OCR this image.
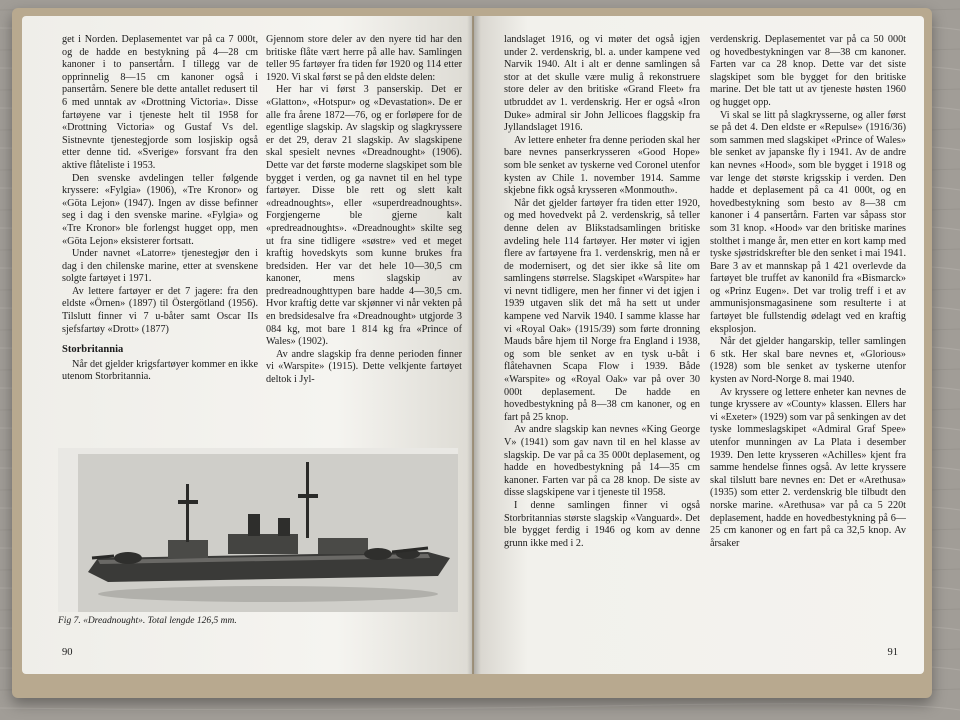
get i Norden. Deplasementet var på ca 7 000t, og de hadde en bestykning på 4—28 cm kanoner i to pansertårn. I tillegg var de opprinnelig 8—15 cm kanoner også i pansertårn. Senere ble dette antallet redusert til 6 med unntak av «Drottning Victoria». Disse fartøyene var i tjeneste helt til 1958 for «Drottning Victoria» og Gustaf Vs del. Sistnevnte tjenestegjorde som losjiskip også etter denne tid. «Sverige» forsvant fra den aktive flåteliste i 1953.

Den svenske avdelingen teller følgende kryssere: «Fylgia» (1906), «Tre Kronor» og «Göta Lejon» (1947). Ingen av disse befinner seg i dag i den svenske marine. «Fylgia» og «Tre Kronor» ble forlengst hugget opp, men «Göta Lejon» eksisterer fortsatt.

Under navnet «Latorre» tjenestegjør den i dag i den chilenske marine, etter at svenskene solgte fartøyet i 1971.

Av lettere fartøyer er det 7 jagere: fra den eldste «Örnen» (1897) til Östergötland (1956). Tilslutt finner vi 7 u-båter samt Oscar IIs sjefsfartøy «Drott» (1877)

Storbritannia

Når det gjelder krigsfartøyer kommer en ikke utenom Storbritannia.

Gjennom store deler av den nyere tid har den britiske flåte vært herre på alle hav. Samlingen teller 95 fartøyer fra tiden før 1920 og 114 etter 1920. Vi skal først se på den eldste delen:

Her har vi først 3 panserskip. Det er «Glatton», «Hotspur» og «Devastation». De er alle fra årene 1872—76, og er forløpere for de egentlige slagskip. Av slagskip og slagkryssere er det 29, derav 21 slagskip. Av slagskipene skal spesielt nevnes «Dreadnought» (1906). Dette var det første moderne slagskipet som ble bygget i verden, og ga navnet til en hel type fartøyer. Disse ble rett og slett kalt «dreadnoughts», eller «superdreadnoughts». Forgjengerne ble gjerne kalt «predreadnoughts». «Dreadnought» skilte seg ut fra sine tidligere «søstre» ved et meget kraftig hovedskyts som kunne brukes fra bredsiden. Her var det hele 10—30,5 cm kanoner, mens slagskip av predreadnoughttypen bare hadde 4—30,5 cm. Hvor kraftig dette var skjønner vi når vekten på en bredsidesalve fra «Dreadnought» utgjorde 3 084 kg, mot bare 1 814 kg fra «Prince of Wales» (1902).

Av andre slagskip fra denne perioden finner vi «Warspite» (1915). Dette velkjente fartøyet deltok i Jyl-

Fig 7. «Dreadnought». Total lengde 126,5 mm.
90

landslaget 1916, og vi møter det også igjen under 2. verdenskrig, bl. a. under kampene ved Narvik 1940. Alt i alt er denne samlingen så stor at det skulle være mulig å rekonstruere store deler av den britiske «Grand Fleet» fra utbruddet av 1. verdenskrig. Her er også «Iron Duke» admiral sir John Jellicoes flaggskip fra Jyllandslaget 1916.

Av lettere enheter fra denne perioden skal her bare nevnes panserkrysseren «Good Hope» som ble senket av tyskerne ved Coronel utenfor kysten av Chile 1. november 1914. Samme skjebne fikk også krysseren «Monmouth».

Når det gjelder fartøyer fra tiden etter 1920, og med hovedvekt på 2. verdenskrig, så teller denne delen av Blikstadsamlingen britiske avdeling hele 114 fartøyer. Her møter vi igjen flere av fartøyene fra 1. verdenskrig, men nå er de modernisert, og det sier ikke så lite om samlingens størrelse. Slagskipet «Warspite» har vi nevnt tidligere, men her finner vi det igjen i 1939 utgaven slik det må ha sett ut under kampene ved Narvik 1940. I samme klasse har vi «Royal Oak» (1915/39) som førte dronning Mauds båre hjem til Norge fra England i 1938, og som ble senket av en tysk u-båt i flåtehavnen Scapa Flow i 1939. Både «Warspite» og «Royal Oak» var på over 30 000t deplasement. De hadde en hovedbestykning på 8—38 cm kanoner, og en fart på 25 knop.

Av andre slagskip kan nevnes «King George V» (1941) som gav navn til en hel klasse av slagskip. De var på ca 35 000t deplasement, og hadde en hovedbestykning på 14—35 cm kanoner. Farten var på ca 28 knop. De siste av disse slagskipene var i tjeneste til 1958.

I denne samlingen finner vi også Storbritannias største slagskip «Vanguard». Det ble bygget ferdig i 1946 og kom av denne grunn ikke med i 2.

verdenskrig. Deplasementet var på ca 50 000t og hovedbestykningen var 8—38 cm kanoner. Farten var ca 28 knop. Dette var det siste slagskipet som ble bygget for den britiske marine. Det ble tatt ut av tjeneste høsten 1960 og hugget opp.

Vi skal se litt på slagkrysserne, og aller først se på det 4. Den eldste er «Repulse» (1916/36) som sammen med slagskipet «Prince of Wales» ble senket av japanske fly i 1941. Av de andre kan nevnes «Hood», som ble bygget i 1918 og var lenge det største krigsskip i verden. Den hadde et deplasement på ca 41 000t, og en hovedbestykning som besto av 8—38 cm kanoner i 4 pansertårn. Farten var såpass stor som 31 knop. «Hood» var den britiske marines stolthet i mange år, men etter en kort kamp med tyske sjøstridskrefter ble den senket i mai 1941. Bare 3 av et mannskap på 1 421 overlevde da fartøyet ble truffet av kanonild fra «Bismarck» og «Prinz Eugen». Det var trolig treff i et av ammunisjonsmagasinene som resulterte i at fartøyet ble fullstendig ødelagt ved en kraftig eksplosjon.

Når det gjelder hangarskip, teller samlingen 6 stk. Her skal bare nevnes et, «Glorious» (1928) som ble senket av tyskerne utenfor kysten av Nord-Norge 8. mai 1940.

Av kryssere og lettere enheter kan nevnes de tunge kryssere av «County» klassen. Ellers har vi «Exeter» (1929) som var på senkingen av det tyske lommeslagskipet «Admiral Graf Spee» utenfor munningen av La Plata i desember 1939. Den lette krysseren «Achilles» kjent fra samme hendelse finnes også. Av lette kryssere skal tilslutt bare nevnes en: Det er «Arethusa» (1935) som etter 2. verdenskrig ble tilbudt den norske marine. «Arethusa» var på ca 5 220t deplasement, hadde en hovedbestykning på 6—25 cm kanoner og en fart på ca 32,5 knop. Av årsaker

91
